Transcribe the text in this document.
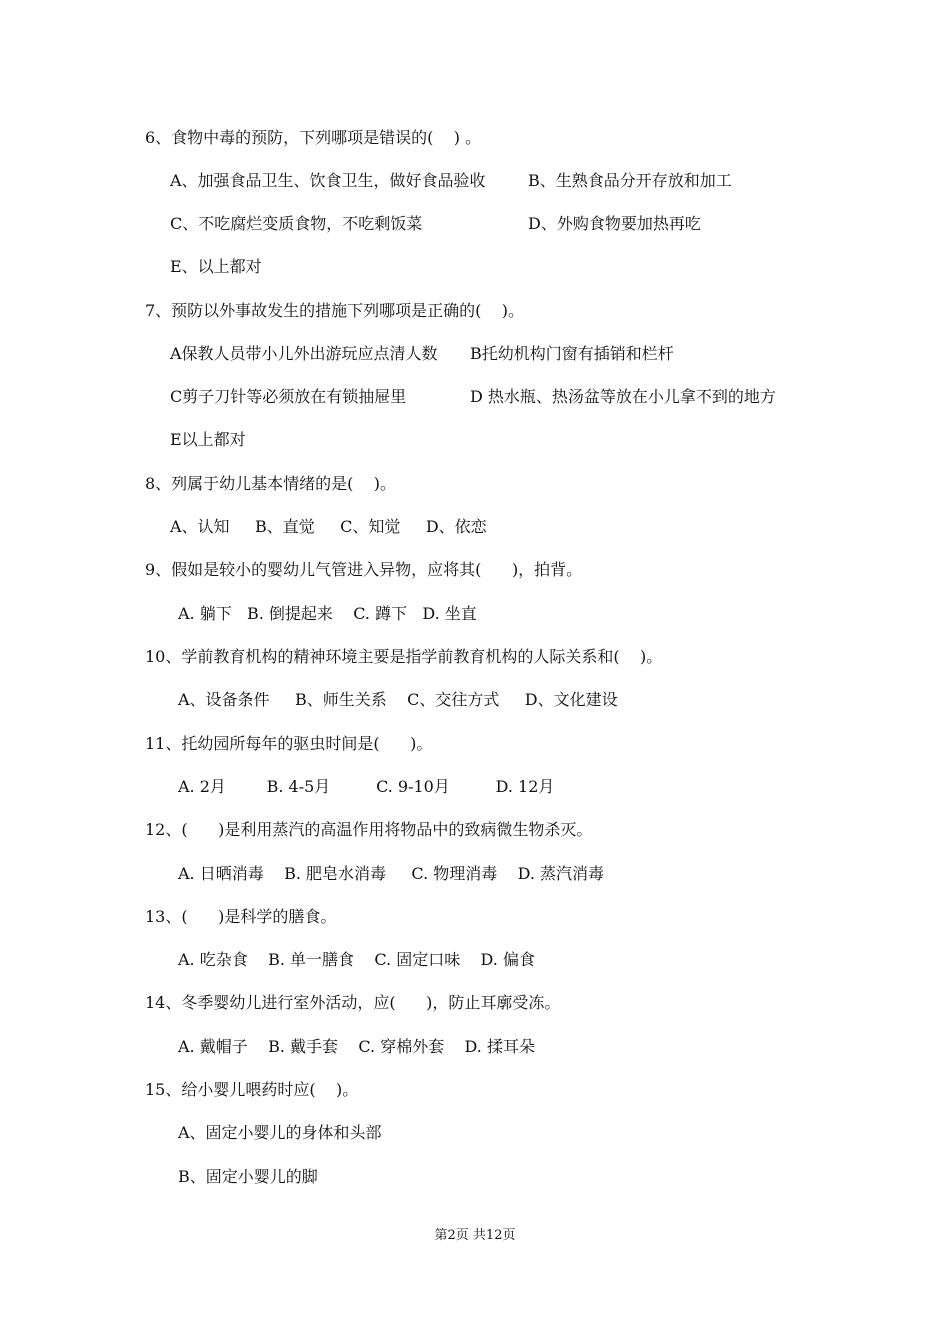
6、食物中毒的预防，下列哪项是错误的(    ) 。
A、加强食品卫生、饮食卫生，做好食品验收	B、生熟食品分开存放和加工
C、不吃腐烂变质食物，不吃剩饭菜	D、外购食物要加热再吃
E、以上都对
7、预防以外事故发生的措施下列哪项是正确的(    )。
A保教人员带小儿外出游玩应点清人数 B托幼机构门窗有插销和栏杆
C剪子刀针等必须放在有锁抽屉里	D 热水瓶、热汤盆等放在小儿拿不到的地方
E以上都对
8、列属于幼儿基本情绪的是(    )。
A、认知     B、直觉     C、知觉     D、依恋
9、假如是较小的婴幼儿气管进入异物，应将其(      )，拍背。
A. 躺下   B. 倒提起来    C. 蹲下   D. 坐直
10、学前教育机构的精神环境主要是指学前教育机构的人际关系和(    )。
A、设备条件     B、师生关系    C、交往方式     D、文化建设
11、托幼园所每年的驱虫时间是(      )。
A. 2月        B. 4-5月         C. 9-10月         D. 12月
12、(      )是利用蒸汽的高温作用将物品中的致病微生物杀灭。
A. 日晒消毒    B. 肥皂水消毒     C. 物理消毒    D. 蒸汽消毒
13、(      )是科学的膳食。
A. 吃杂食    B. 单一膳食    C. 固定口味    D. 偏食
14、冬季婴幼儿进行室外活动，应(      )，防止耳廓受冻。
A. 戴帽子    B. 戴手套    C. 穿棉外套    D. 揉耳朵
15、给小婴儿喂药时应(    )。
A、固定小婴儿的身体和头部
B、固定小婴儿的脚
第2页 共12页
